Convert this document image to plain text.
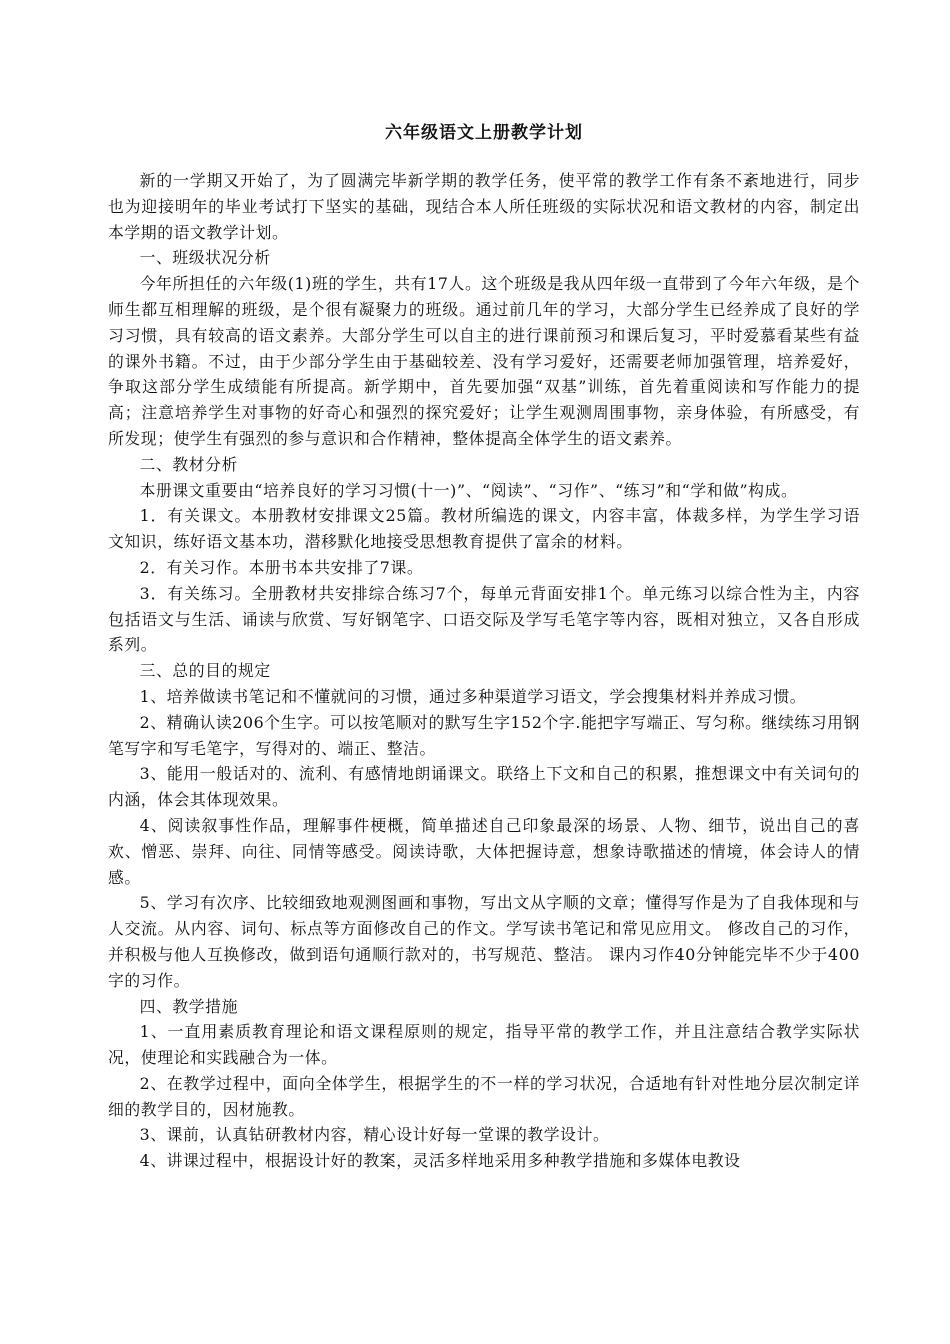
六年级语文上册教学计划

新的一学期又开始了，为了圆满完毕新学期的教学任务，使平常的教学工作有条不紊地进行，同步也为迎接明年的毕业考试打下坚实的基础，现结合本人所任班级的实际状况和语文教材的内容，制定出本学期的语文教学计划。

一、班级状况分析

今年所担任的六年级(1)班的学生，共有17人。这个班级是我从四年级一直带到了今年六年级，是个师生都互相理解的班级，是个很有凝聚力的班级。通过前几年的学习，大部分学生已经养成了良好的学习习惯，具有较高的语文素养。大部分学生可以自主的进行课前预习和课后复习，平时爱慕看某些有益的课外书籍。不过，由于少部分学生由于基础较差、没有学习爱好，还需要老师加强管理，培养爱好，争取这部分学生成绩能有所提高。新学期中，首先要加强“双基”训练，首先着重阅读和写作能力的提高；注意培养学生对事物的好奇心和强烈的探究爱好；让学生观测周围事物，亲身体验，有所感受，有所发现；使学生有强烈的参与意识和合作精神，整体提高全体学生的语文素养。

二、教材分析

本册课文重要由“培养良好的学习习惯(十一)”、“阅读”、“习作”、“练习”和“学和做”构成。

1．有关课文。本册教材安排课文25篇。教材所编选的课文，内容丰富，体裁多样，为学生学习语文知识，练好语文基本功，潜移默化地接受思想教育提供了富余的材料。

2．有关习作。本册书本共安排了7课。

3．有关练习。全册教材共安排综合练习7个，每单元背面安排1个。单元练习以综合性为主，内容包括语文与生活、诵读与欣赏、写好钢笔字、口语交际及学写毛笔字等内容，既相对独立，又各自形成系列。

三、总的目的规定

1、培养做读书笔记和不懂就问的习惯，通过多种渠道学习语文，学会搜集材料并养成习惯。

2、精确认读206个生字。可以按笔顺对的默写生字152个字.能把字写端正、写匀称。继续练习用钢笔写字和写毛笔字，写得对的、端正、整洁。

3、能用一般话对的、流利、有感情地朗诵课文。联络上下文和自己的积累，推想课文中有关词句的内涵，体会其体现效果。

4、阅读叙事性作品，理解事件梗概，简单描述自己印象最深的场景、人物、细节，说出自己的喜欢、憎恶、崇拜、向往、同情等感受。阅读诗歌，大体把握诗意，想象诗歌描述的情境，体会诗人的情感。

5、学习有次序、比较细致地观测图画和事物，写出文从字顺的文章；懂得写作是为了自我体现和与人交流。从内容、词句、标点等方面修改自己的作文。学写读书笔记和常见应用文。 修改自己的习作，并积极与他人互换修改，做到语句通顺行款对的，书写规范、整洁。 课内习作40分钟能完毕不少于400字的习作。

四、教学措施

1、一直用素质教育理论和语文课程原则的规定，指导平常的教学工作，并且注意结合教学实际状况，使理论和实践融合为一体。

2、在教学过程中，面向全体学生，根据学生的不一样的学习状况，合适地有针对性地分层次制定详细的教学目的，因材施教。

3、课前，认真钻研教材内容，精心设计好每一堂课的教学设计。

4、讲课过程中，根据设计好的教案，灵活多样地采用多种教学措施和多媒体电教设
